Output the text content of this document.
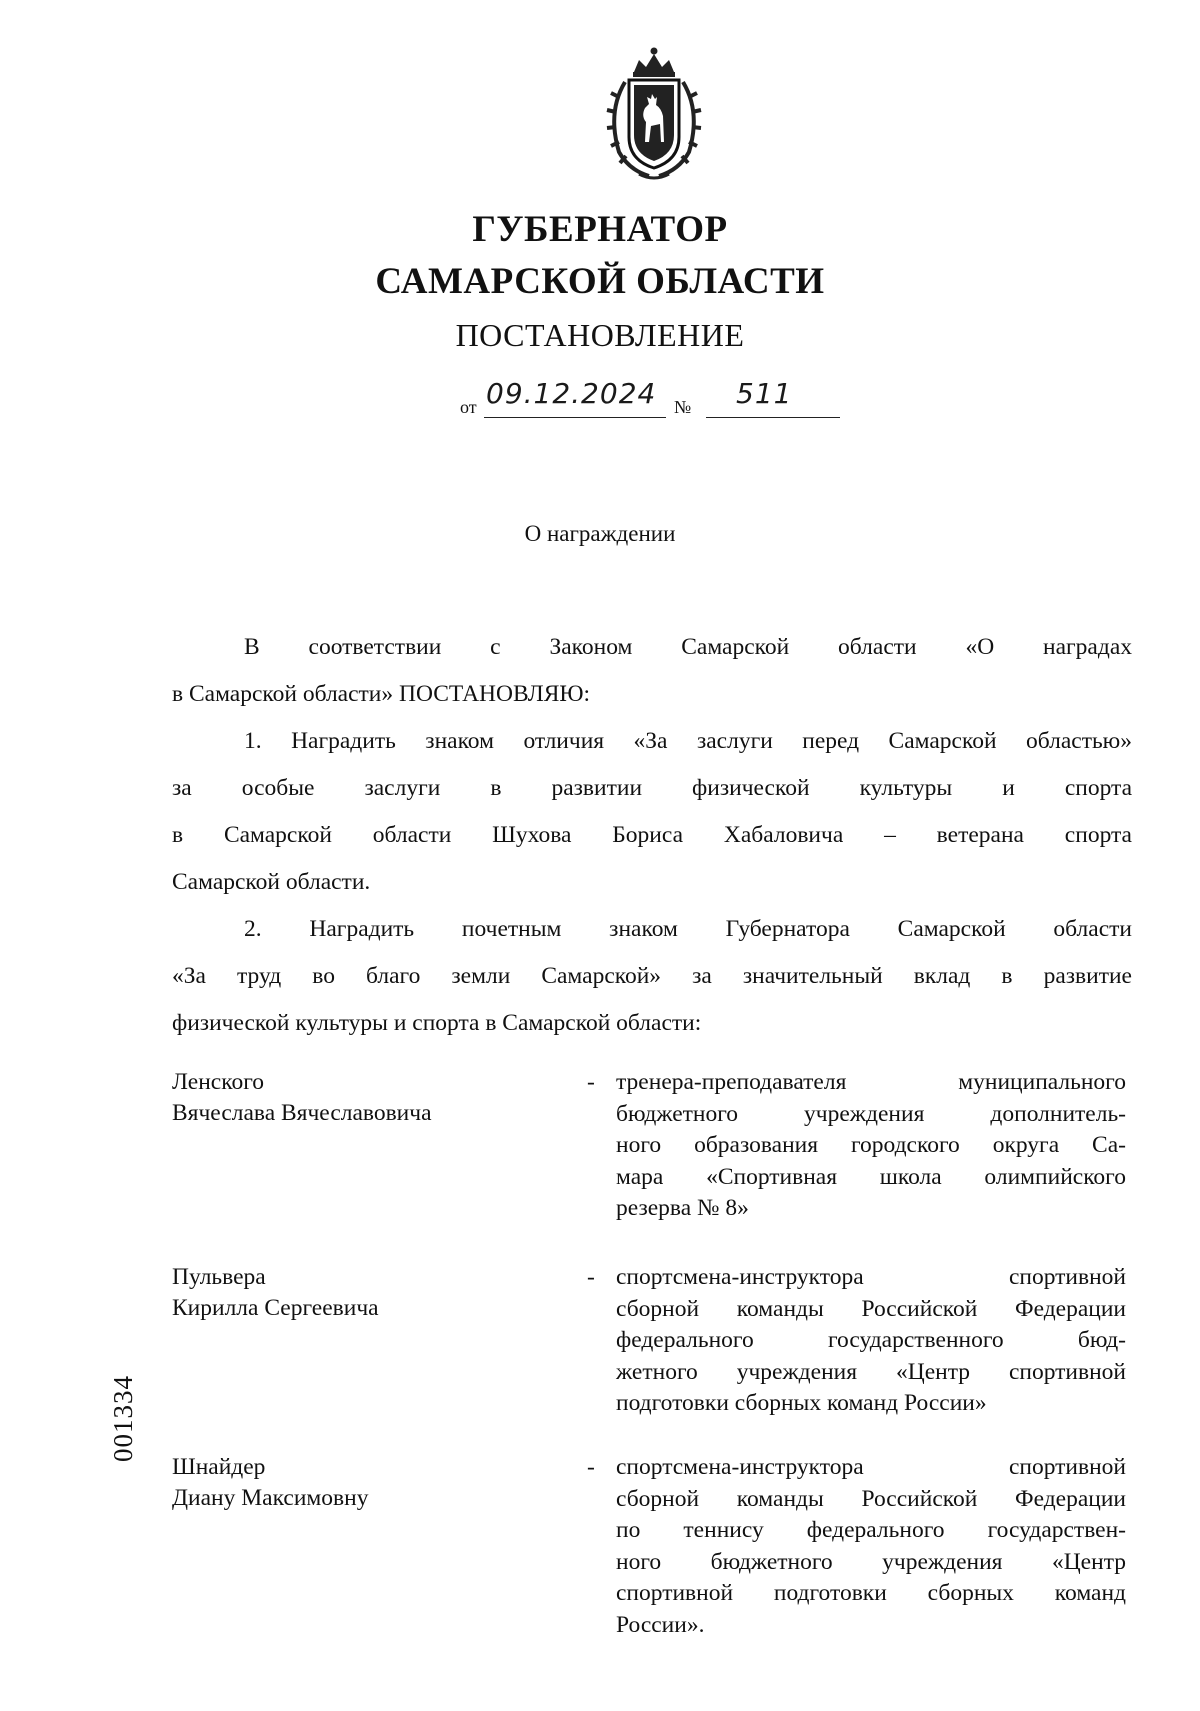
ГУБЕРНАТОР
САМАРСКОЙ ОБЛАСТИ
ПОСТАНОВЛЕНИЕ
от 09.12.2024 № 511
О награждении
В соответствии с Законом Самарской области «О наградах
в Самарской области» ПОСТАНОВЛЯЮ:
1. Наградить знаком отличия «За заслуги перед Самарской областью»
за особые заслуги в развитии физической культуры и спорта
в Самарской области Шухова Бориса Хабаловича – ветерана спорта
Самарской области.
2. Наградить почетным знаком Губернатора Самарской области
«За труд во благо земли Самарской» за значительный вклад в развитие
физической культуры и спорта в Самарской области:
Ленского
Вячеслава Вячеславовича
- тренера-преподавателя муниципального
бюджетного учреждения дополнитель-
ного образования городского округа Са-
мара «Спортивная школа олимпийского
резерва № 8»
Пульвера
Кирилла Сергеевича
- спортсмена-инструктора спортивной
сборной команды Российской Федерации
федерального государственного бюд-
жетного учреждения «Центр спортивной
подготовки сборных команд России»
Шнайдер
Диану Максимовну
- спортсмена-инструктора спортивной
сборной команды Российской Федерации
по теннису федерального государствен-
ного бюджетного учреждения «Центр
спортивной подготовки сборных команд
России».
001334
